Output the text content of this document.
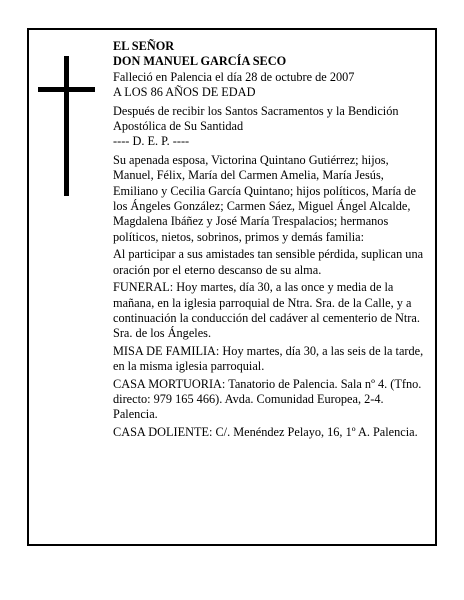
EL SEÑOR

DON MANUEL GARCÍA SECO

Falleció en Palencia el día 28 de octubre de 2007

A LOS 86 AÑOS DE EDAD

Después de recibir los Santos Sacramentos y la Bendición Apostólica de Su Santidad

---- D. E. P. ----

Su apenada esposa, Victorina Quintano Gutiérrez; hijos, Manuel, Félix, María del Carmen Amelia, María Jesús, Emiliano y Cecilia García Quintano; hijos políticos, María de los Ángeles González; Carmen Sáez, Miguel Ángel Alcalde, Magdalena Ibáñez y José María Trespalacios; hermanos políticos, nietos, sobrinos, primos y demás familia:

Al participar a sus amistades tan sensible pérdida, suplican una oración por el eterno descanso de su alma.

FUNERAL: Hoy martes, día 30, a las once y media de la mañana, en la iglesia parroquial de Ntra. Sra. de la Calle, y a continuación la conducción del cadáver al cementerio de Ntra. Sra. de los Ángeles.

MISA DE FAMILIA: Hoy martes, día 30, a las seis de la tarde, en la misma iglesia parroquial.

CASA MORTUORIA: Tanatorio de Palencia. Sala nº 4. (Tfno. directo: 979 165 466). Avda. Comunidad Europea, 2-4. Palencia.

CASA DOLIENTE: C/. Menéndez Pelayo, 16, 1º A. Palencia.
